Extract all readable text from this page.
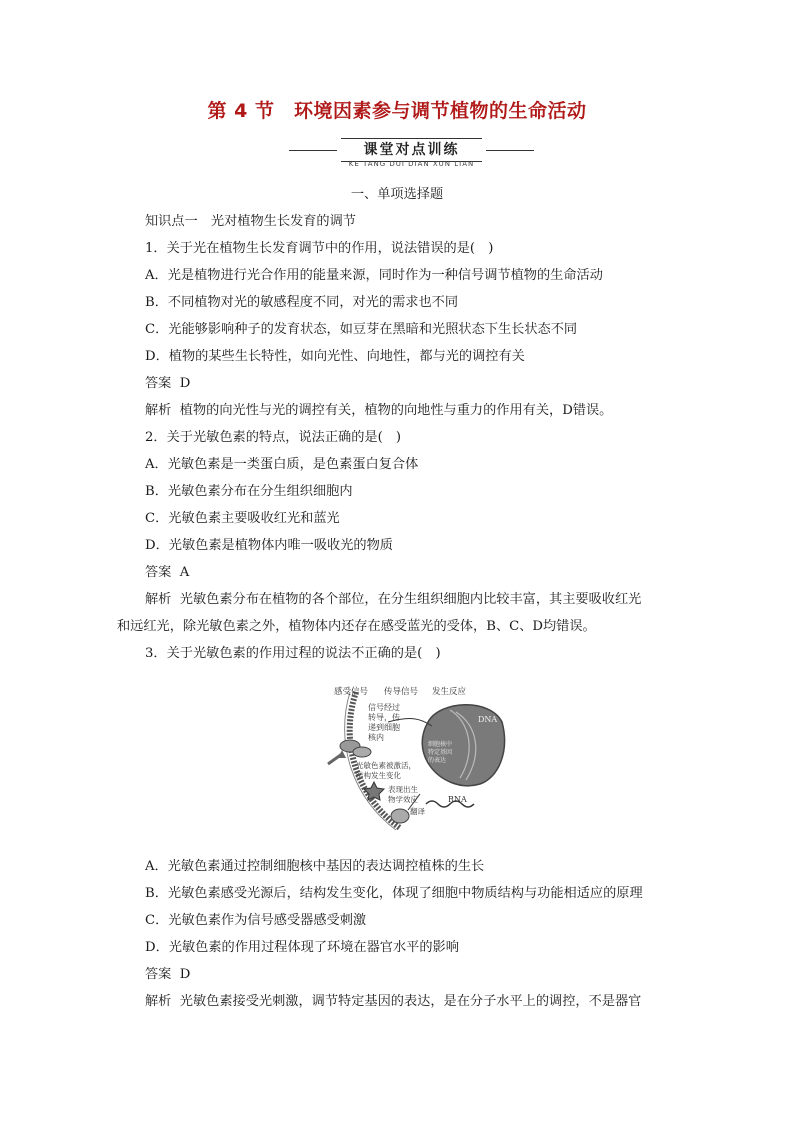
第 4 节　环境因素参与调节植物的生命活动
课堂对点训练
KE TANG DUI DIAN XUN LIAN
一、单项选择题
知识点一　光对植物生长发育的调节
1．关于光在植物生长发育调节中的作用，说法错误的是(　)
A．光是植物进行光合作用的能量来源，同时作为一种信号调节植物的生命活动
B．不同植物对光的敏感程度不同，对光的需求也不同
C．光能够影响种子的发育状态，如豆芽在黑暗和光照状态下生长状态不同
D．植物的某些生长特性，如向光性、向地性，都与光的调控有关
答案 D
解析 植物的向光性与光的调控有关，植物的向地性与重力的作用有关，D错误。
2．关于光敏色素的特点，说法正确的是(　)
A．光敏色素是一类蛋白质，是色素蛋白复合体
B．光敏色素分布在分生组织细胞内
C．光敏色素主要吸收红光和蓝光
D．光敏色素是植物体内唯一吸收光的物质
答案 A
解析 光敏色素分布在植物的各个部位，在分生组织细胞内比较丰富，其主要吸收红光
和远红光，除光敏色素之外，植物体内还存在感受蓝光的受体，B、C、D均错误。
3．关于光敏色素的作用过程的说法不正确的是(　)
感受信号 传导信号 发生反应
信号经过
转导，传
递到细胞
核内
光敏色素被激活，
结构发生变化
表现出生
物学效应
翻译
DNA
RNA
细胞核中
特定基因
的表达
A．光敏色素通过控制细胞核中基因的表达调控植株的生长
B．光敏色素感受光源后，结构发生变化，体现了细胞中物质结构与功能相适应的原理
C．光敏色素作为信号感受器感受刺激
D．光敏色素的作用过程体现了环境在器官水平的影响
答案 D
解析 光敏色素接受光刺激，调节特定基因的表达，是在分子水平上的调控，不是器官
